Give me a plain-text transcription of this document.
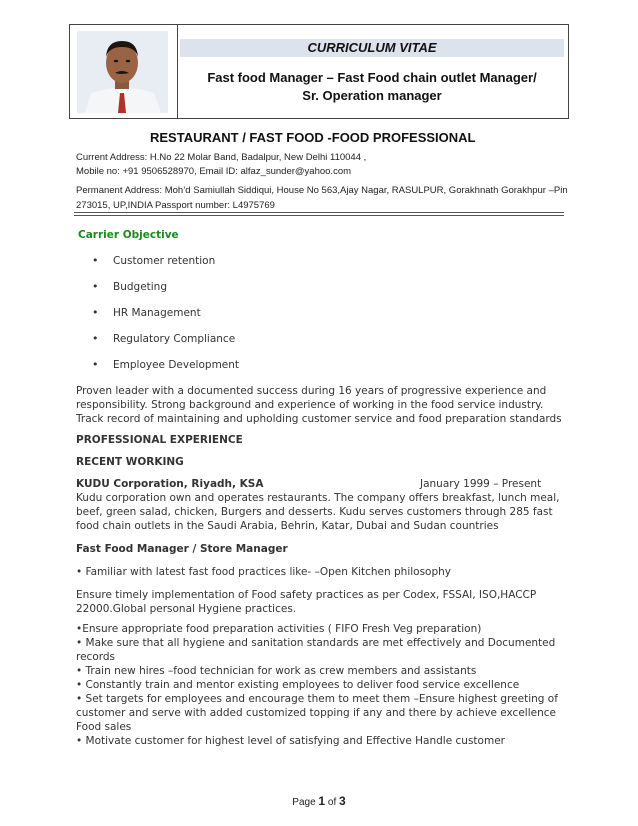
CURRICULUM VITAE
Fast food Manager – Fast Food chain outlet Manager/
Sr. Operation manager
RESTAURANT / FAST FOOD -FOOD PROFESSIONAL
Current Address: H.No 22 Molar Band, Badalpur, New Delhi 110044 ,
Mobile no: +91 9506528970, Email ID: alfaz_sunder@yahoo.com
Permanent Address: Moh’d Samiullah Siddiqui, House No 563,Ajay Nagar, RASULPUR, Gorakhnath Gorakhpur –Pin
273015, UP,INDIA Passport number: L4975769
Carrier Objective
• Customer retention
• Budgeting
• HR Management
• Regulatory Compliance
• Employee Development
Proven leader with a documented success during 16 years of progressive experience and
responsibility. Strong background and experience of working in the food service industry.
Track record of maintaining and upholding customer service and food preparation standards
PROFESSIONAL EXPERIENCE
RECENT WORKING
KUDU Corporation, Riyadh, KSA	January 1999 – Present
Kudu corporation own and operates restaurants. The company offers breakfast, lunch meal,
beef, green salad, chicken, Burgers and desserts. Kudu serves customers through 285 fast
food chain outlets in the Saudi Arabia, Behrin, Katar, Dubai and Sudan countries
Fast Food Manager / Store Manager
• Familiar with latest fast food practices like- –Open Kitchen philosophy
Ensure timely implementation of Food safety practices as per Codex, FSSAI, ISO,HACCP
22000.Global personal Hygiene practices.
•Ensure appropriate food preparation activities ( FIFO Fresh Veg preparation)
• Make sure that all hygiene and sanitation standards are met effectively and Documented
records
• Train new hires –food technician for work as crew members and assistants
• Constantly train and mentor existing employees to deliver food service excellence
• Set targets for employees and encourage them to meet them –Ensure highest greeting of
customer and serve with added customized topping if any and there by achieve excellence
Food sales
• Motivate customer for highest level of satisfying and Effective Handle customer
Page 1 of 3
